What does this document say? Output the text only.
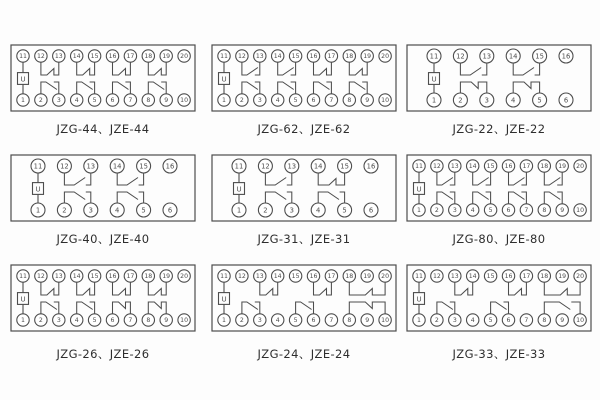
11 12 13 14 15 16 17 18 19 20
1 2 3 4 5 6 7 8 9 10
U
JZG-44、JZE-44
11 12 13 14 15 16 17 18 19 20
1 2 3 4 5 6 7 8 9 10
U
JZG-62、JZE-62
11	12	13	14	15	16
1	2	3	4	5	6
U
JZG-22、JZE-22
11	12	13	14	15	16
1	2	3	4	5	6
U
JZG-40、JZE-40
11	12	13	14	15	16
1	2	3	4	5	6
U
JZG-31、JZE-31
11 12 13 14 15 16 17 18 19 20
1 2 3 4 5 6 7 8 9 10
U
JZG-80、JZE-80
11 12 13 14 15 16 17 18 19 20
1 2 3 4 5 6 7 8 9 10
U
JZG-26、JZE-26
11 12 13 14 15 16 17 18 19 20
1 2 3 4 5 6 7 8 9 10
U
JZG-24、JZE-24
11 12 13 14 15 16 17 18 19 20
1 2 3 4 5 6 7 8 9 10
U
JZG-33、JZE-33
